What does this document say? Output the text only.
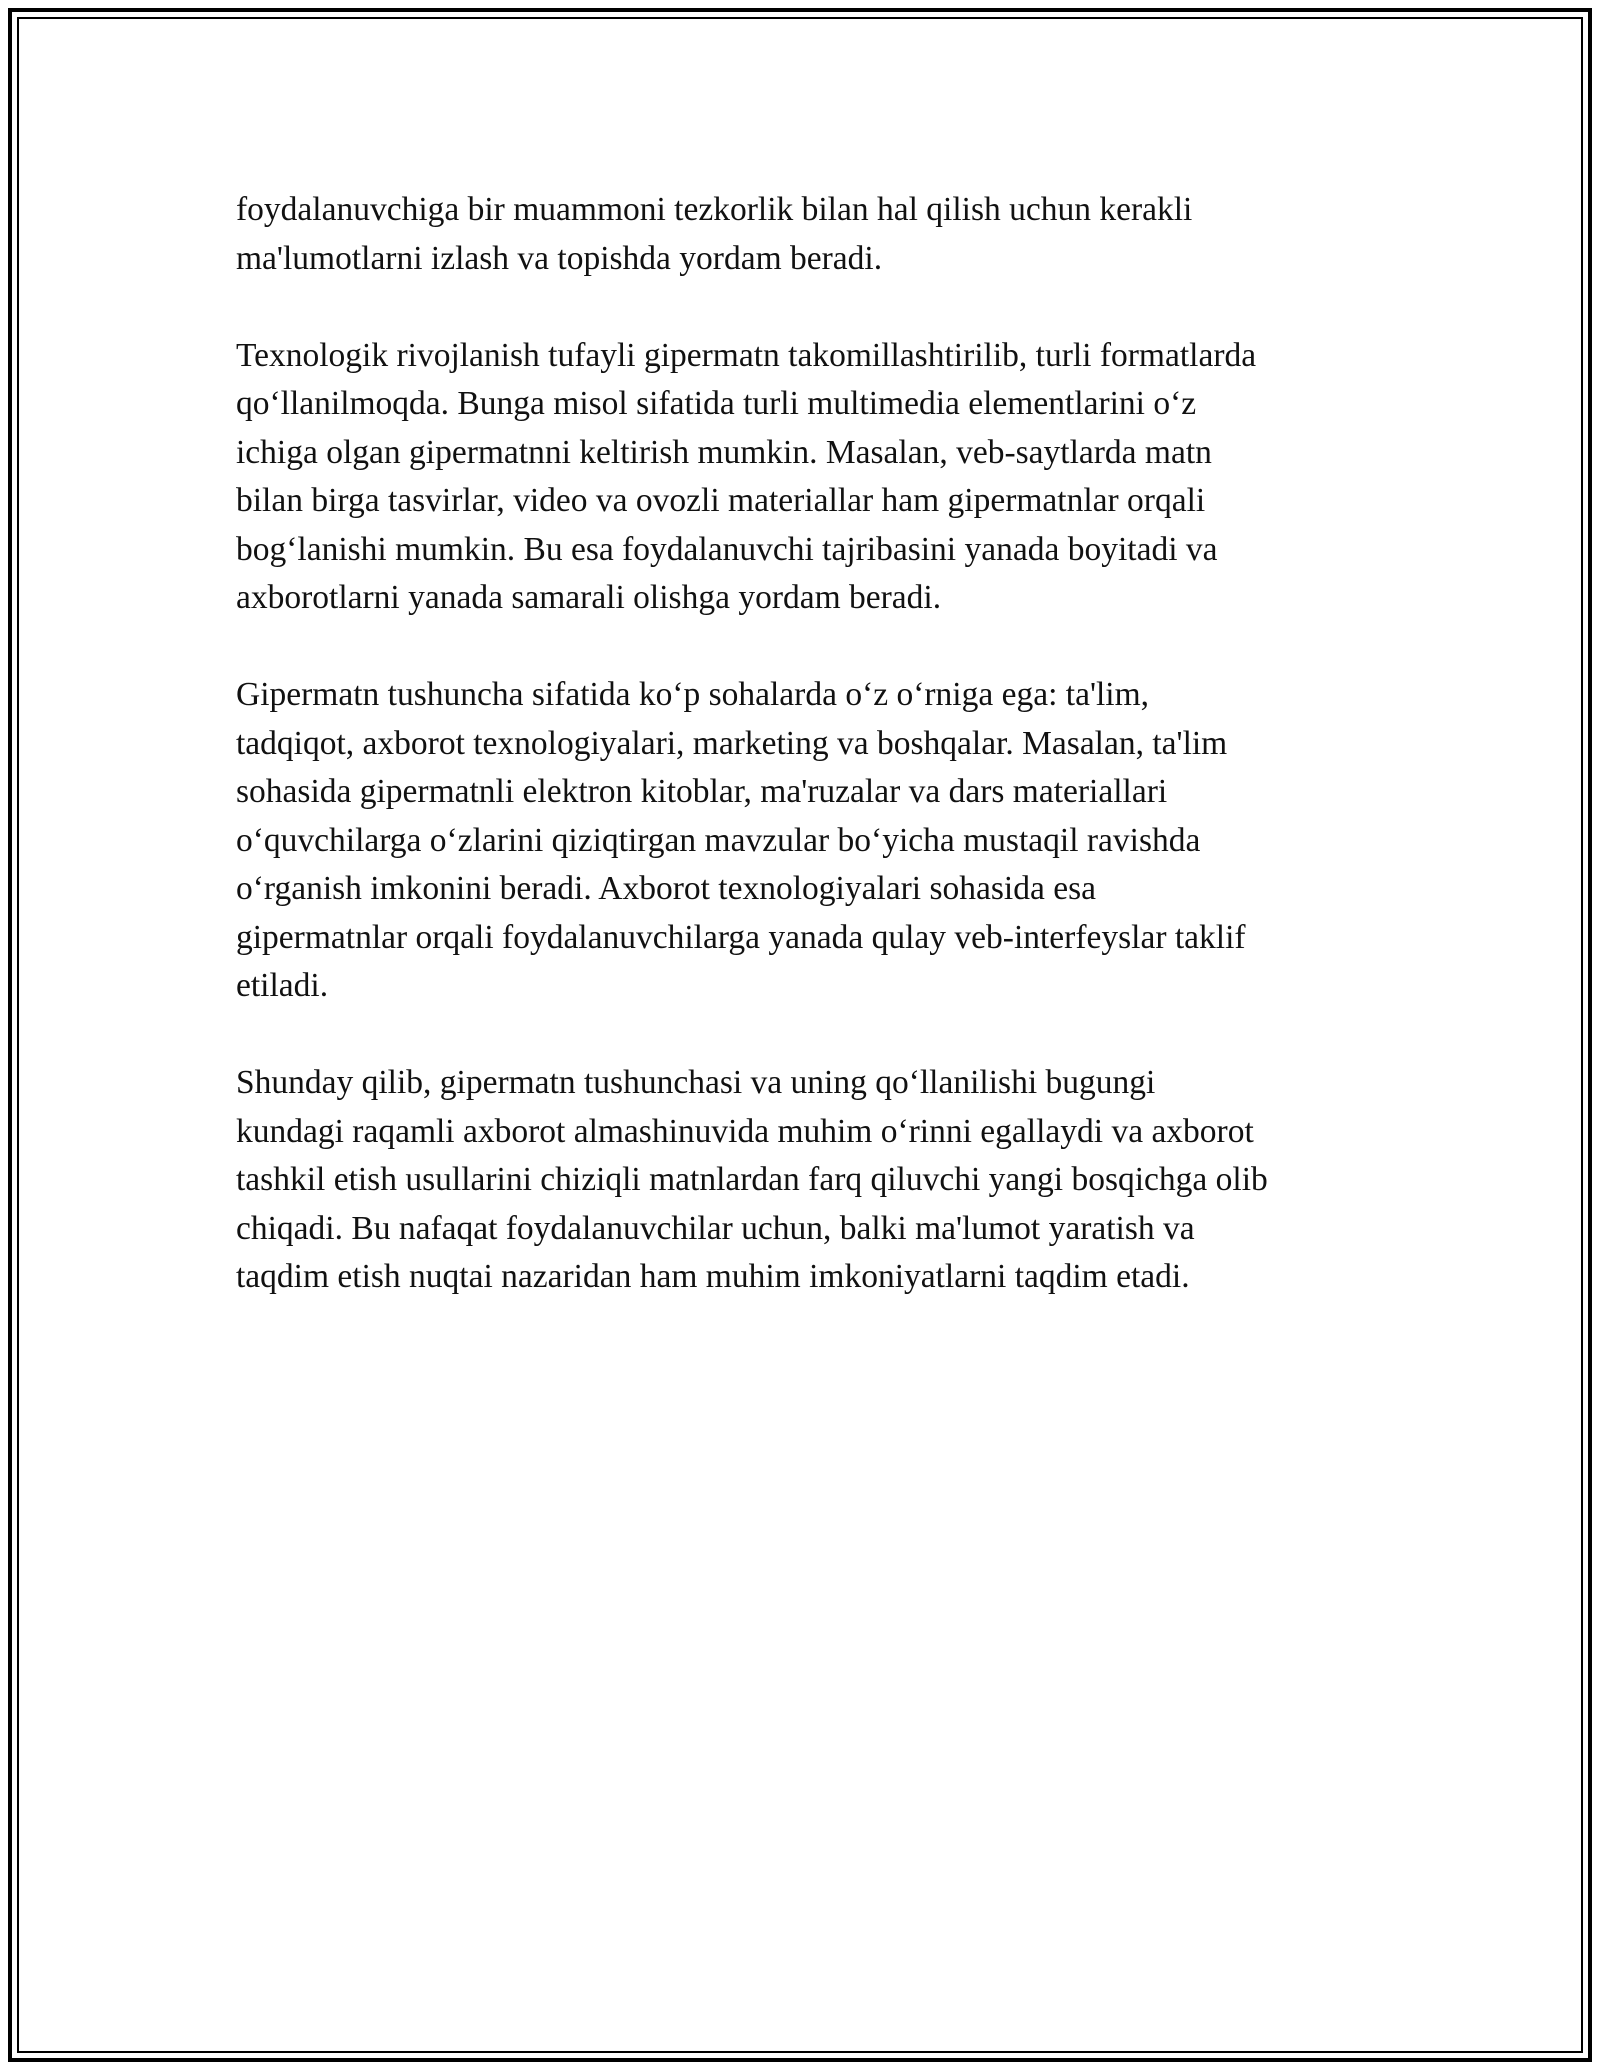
foydalanuvchiga bir muammoni tezkorlik bilan hal qilish uchun kerakli
ma'lumotlarni izlash va topishda yordam beradi.

Texnologik rivojlanish tufayli gipermatn takomillashtirilib, turli formatlarda
qo‘llanilmoqda. Bunga misol sifatida turli multimedia elementlarini o‘z
ichiga olgan gipermatnni keltirish mumkin. Masalan, veb-saytlarda matn
bilan birga tasvirlar, video va ovozli materiallar ham gipermatnlar orqali
bog‘lanishi mumkin. Bu esa foydalanuvchi tajribasini yanada boyitadi va
axborotlarni yanada samarali olishga yordam beradi.

Gipermatn tushuncha sifatida ko‘p sohalarda o‘z o‘rniga ega: ta'lim,
tadqiqot, axborot texnologiyalari, marketing va boshqalar. Masalan, ta'lim
sohasida gipermatnli elektron kitoblar, ma'ruzalar va dars materiallari
o‘quvchilarga o‘zlarini qiziqtirgan mavzular bo‘yicha mustaqil ravishda
o‘rganish imkonini beradi. Axborot texnologiyalari sohasida esa
gipermatnlar orqali foydalanuvchilarga yanada qulay veb-interfeyslar taklif
etiladi.

Shunday qilib, gipermatn tushunchasi va uning qo‘llanilishi bugungi
kundagi raqamli axborot almashinuvida muhim o‘rinni egallaydi va axborot
tashkil etish usullarini chiziqli matnlardan farq qiluvchi yangi bosqichga olib
chiqadi. Bu nafaqat foydalanuvchilar uchun, balki ma'lumot yaratish va
taqdim etish nuqtai nazaridan ham muhim imkoniyatlarni taqdim etadi.
